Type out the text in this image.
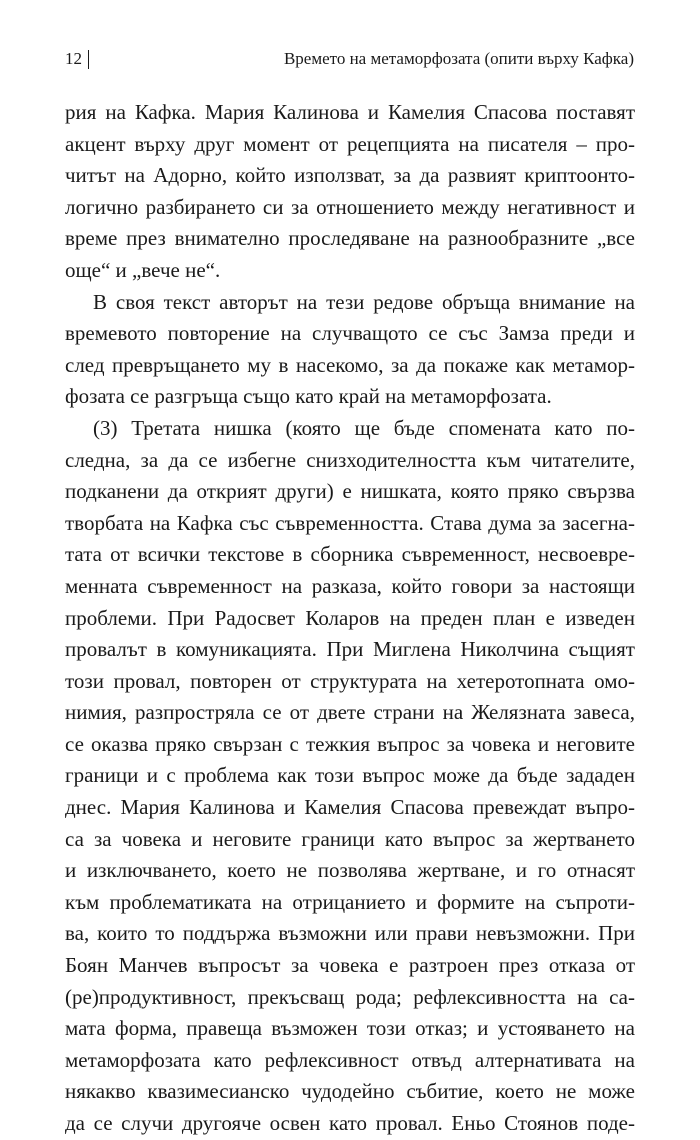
12	Времето на метаморфозата (опити върху Кафка)
рия на Кафка. Мария Калинова и Камелия Спасова поставят
акцент върху друг момент от рецепцията на писателя – про-
читът на Адорно, който използват, за да развият криптоонто-
логично разбирането си за отношението между негативност и
време през внимателно проследяване на разнообразните „все
още“ и „вече не“.
В своя текст авторът на тези редове обръща внимание на
времевото повторение на случващото се със Замза преди и
след превръщането му в насекомо, за да покаже как метамор-
фозата се разгръща също като край на метаморфозата.
(3) Третата нишка (която ще бъде спомената като по-
следна, за да се избегне снизходителността към читателите,
подканени да открият други) е нишката, която пряко свързва
творбата на Кафка със съвременността. Става дума за засегна-
тата от всички текстове в сборника съвременност, несвоевре-
менната съвременност на разказа, който говори за настоящи
проблеми. При Радосвет Коларов на преден план е изведен
провалът в комуникацията. При Миглена Николчина същият
този провал, повторен от структурата на хетеротопната омо-
нимия, разпростряла се от двете страни на Желязната завеса,
се оказва пряко свързан с тежкия въпрос за човека и неговите
граници и с проблема как този въпрос може да бъде зададен
днес. Мария Калинова и Камелия Спасова превеждат въпро-
са за човека и неговите граници като въпрос за жертването
и изключването, което не позволява жертване, и го отнасят
към проблематиката на отрицанието и формите на съпроти-
ва, които то поддържа възможни или прави невъзможни. При
Боян Манчев въпросът за човека е разтроен през отказа от
(ре)продуктивност, прекъсващ рода; рефлексивността на са-
мата форма, правеща възможен този отказ; и устояването на
метаморфозата като рефлексивност отвъд алтернативата на
някакво квазимесианско чудодейно събитие, което не може
да се случи другояче освен като провал. Еньо Стоянов поде-
